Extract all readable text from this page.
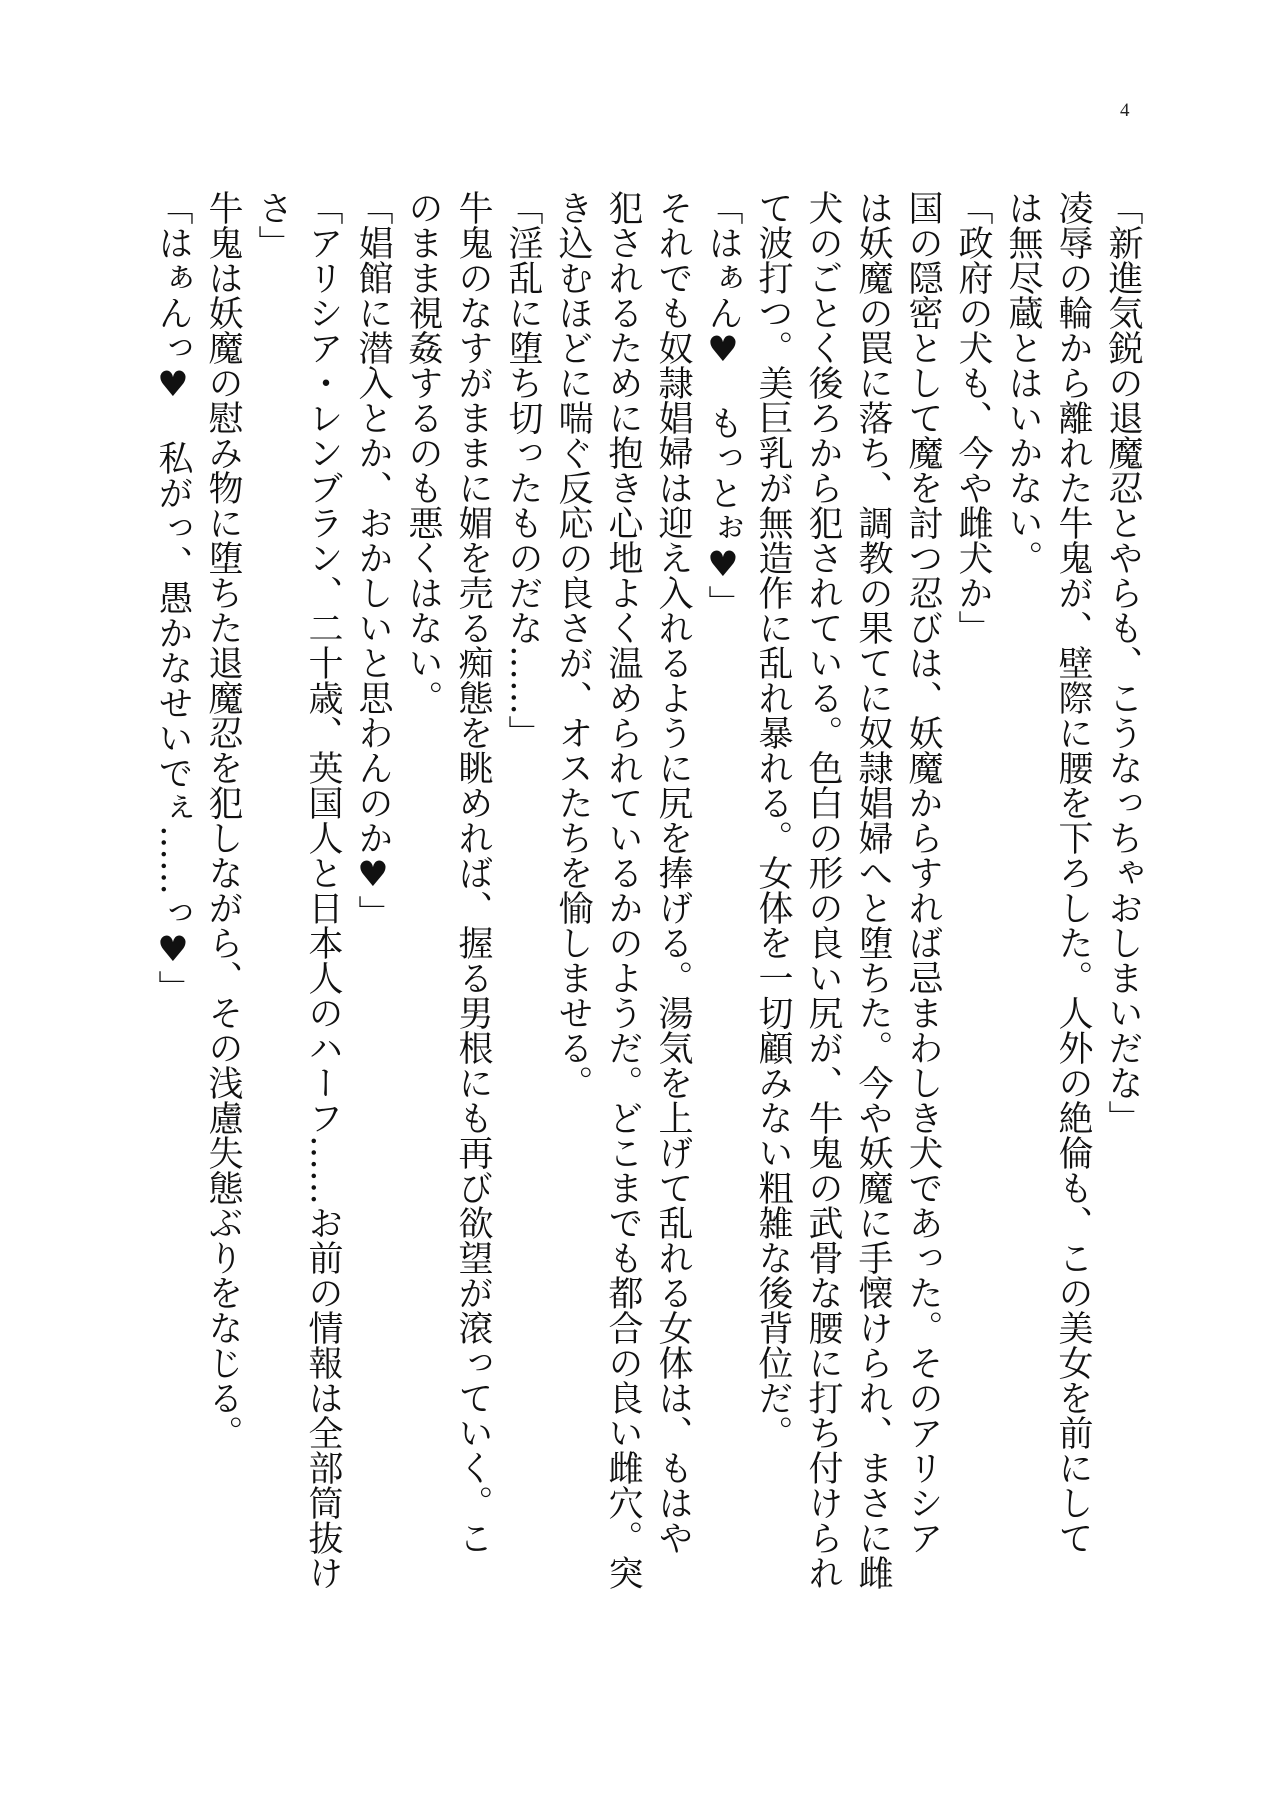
4
「新進気鋭の退魔忍とやらも、こうなっちゃおしまいだな」
凌辱の輪から離れた牛鬼が、壁際に腰を下ろした。人外の絶倫も、この美女を前にして
は無尽蔵とはいかない。
「政府の犬も、今や雌犬か」
国の隠密として魔を討つ忍びは、妖魔からすれば忌まわしき犬であった。そのアリシア
は妖魔の罠に落ち、調教の果てに奴隷娼婦へと堕ちた。今や妖魔に手懐けられ、まさに雌
犬のごとく後ろから犯されている。色白の形の良い尻が、牛鬼の武骨な腰に打ち付けられ
て波打つ。美巨乳が無造作に乱れ暴れる。女体を一切顧みない粗雑な後背位だ。
「はぁん♥　もっとぉ♥」
それでも奴隷娼婦は迎え入れるように尻を捧げる。湯気を上げて乱れる女体は、もはや
犯されるために抱き心地よく温められているかのようだ。どこまでも都合の良い雌穴。突
き込むほどに喘ぐ反応の良さが、オスたちを愉しませる。
「淫乱に堕ち切ったものだな……」
牛鬼のなすがままに媚を売る痴態を眺めれば、握る男根にも再び欲望が滾っていく。こ
のまま視姦するのも悪くはない。
「娼館に潜入とか、おかしいと思わんのか♥」
「アリシア・レンブラン、二十歳、英国人と日本人のハーフ……お前の情報は全部筒抜け
さ」
牛鬼は妖魔の慰み物に堕ちた退魔忍を犯しながら、その浅慮失態ぶりをなじる。
「はぁんっ♥　私がっ、愚かなせいでぇ……っ♥」
